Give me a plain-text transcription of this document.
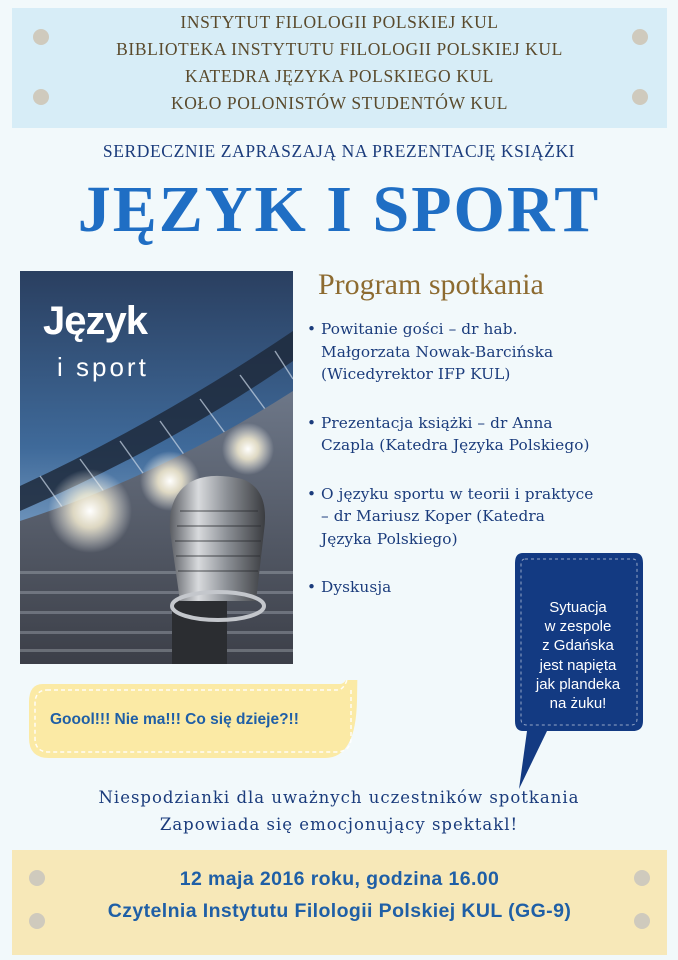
INSTYTUT FILOLOGII POLSKIEJ KUL
BIBLIOTEKA INSTYTUTU FILOLOGII POLSKIEJ KUL
KATEDRA JĘZYKA POLSKIEGO KUL
KOŁO POLONISTÓW STUDENTÓW KUL
SERDECZNIE ZAPRASZAJĄ NA PREZENTACJĘ KSIĄŻKI
JĘZYK I SPORT
Język
i sport
Program spotkania
• Powitanie gości – dr hab.
Małgorzata Nowak-Barcińska
(Wicedyrektor IFP KUL)
• Prezentacja książki – dr Anna
Czapla (Katedra Języka Polskiego)
• O języku sportu w teorii i praktyce
– dr Mariusz Koper (Katedra
Języka Polskiego)
• Dyskusja
Goool!!! Nie ma!!! Co się dzieje?!!
Sytuacja
w zespole
z Gdańska
jest napięta
jak plandeka
na żuku!
Niespodzianki dla uważnych uczestników spotkania
Zapowiada się emocjonujący spektakl!
12 maja 2016 roku, godzina 16.00
Czytelnia Instytutu Filologii Polskiej KUL (GG-9)
